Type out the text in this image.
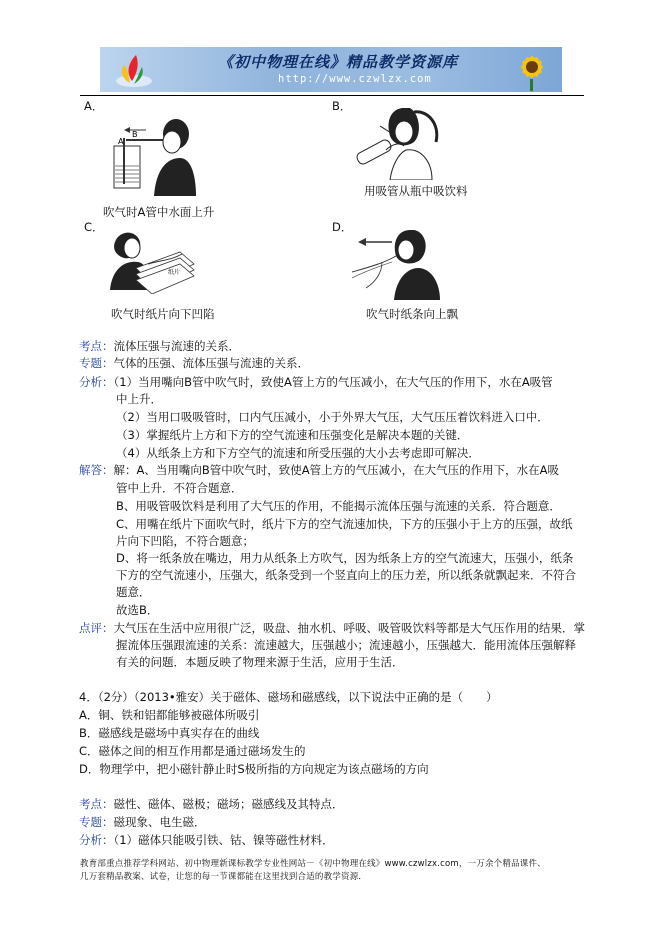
《初中物理在线》精品教学资源库
http://www.czwlzx.com
A．
A
B
吹气时A管中水面上升
B．
用吸管从瓶中吸饮料
C．
纸片
吹气时纸片向下凹陷
D．
吹气时纸条向上飘
考点：流体压强与流速的关系．
专题：气体的压强、流体压强与流速的关系．
分析：（1）当用嘴向B管中吹气时，致使A管上方的气压减小，在大气压的作用下，水在A吸管
中上升．
（2）当用口吸吸管时，口内气压减小，小于外界大气压，大气压压着饮料进入口中．
（3）掌握纸片上方和下方的空气流速和压强变化是解决本题的关键．
（4）从纸条上方和下方空气的流速和所受压强的大小去考虑即可解决．
解答：解：A、当用嘴向B管中吹气时，致使A管上方的气压减小，在大气压的作用下，水在A吸
管中上升．不符合题意．
B、用吸管吸饮料是利用了大气压的作用，不能揭示流体压强与流速的关系．符合题意．
C、用嘴在纸片下面吹气时，纸片下方的空气流速加快，下方的压强小于上方的压强，故纸
片向下凹陷，不符合题意；
D、将一纸条放在嘴边，用力从纸条上方吹气，因为纸条上方的空气流速大，压强小，纸条
下方的空气流速小，压强大，纸条受到一个竖直向上的压力差，所以纸条就飘起来．不符合
题意．
故选B．
点评：大气压在生活中应用很广泛，吸盘、抽水机、呼吸、吸管吸饮料等都是大气压作用的结果．掌
握流体压强跟流速的关系：流速越大，压强越小；流速越小，压强越大．能用流体压强解释
有关的问题．本题反映了物理来源于生活，应用于生活．
4．（2分）（2013•雅安）关于磁体、磁场和磁感线，以下说法中正确的是（　　）
A．铜、铁和铝都能够被磁体所吸引
B．磁感线是磁场中真实存在的曲线
C．磁体之间的相互作用都是通过磁场发生的
D．物理学中，把小磁针静止时S极所指的方向规定为该点磁场的方向
考点：磁性、磁体、磁极；磁场；磁感线及其特点．
专题：磁现象、电生磁．
分析：（1）磁体只能吸引铁、钴、镍等磁性材料．
教育部重点推荐学科网站、初中物理新课标教学专业性网站－《初中物理在线》www.czwlzx.com，一万余个精品课件、
几万套精品教案、试卷，让您的每一节课都能在这里找到合适的教学资源．
